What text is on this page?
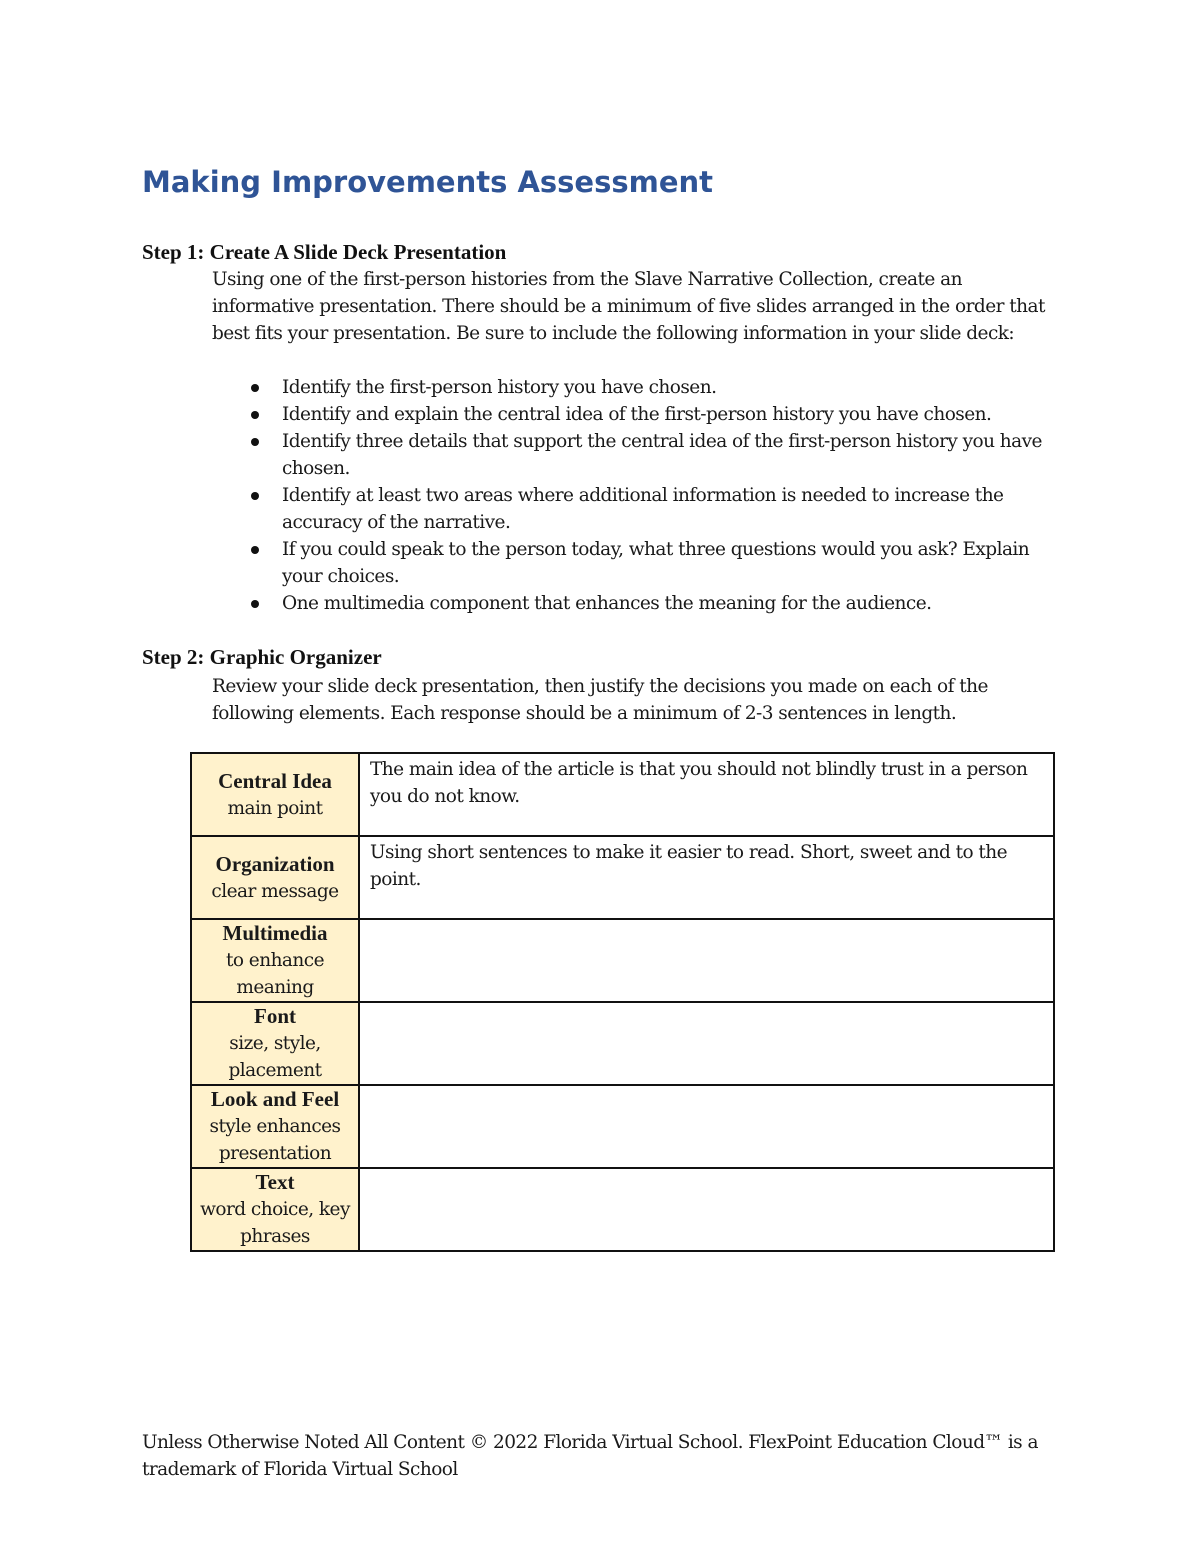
Making Improvements Assessment
Step 1: Create A Slide Deck Presentation

Using one of the first-person histories from the Slave Narrative Collection, create an informative presentation. There should be a minimum of five slides arranged in the order that best fits your presentation. Be sure to include the following information in your slide deck:

Identify the first-person history you have chosen.
Identify and explain the central idea of the first-person history you have chosen.
Identify three details that support the central idea of the first-person history you have chosen.
Identify at least two areas where additional information is needed to increase the accuracy of the narrative.
If you could speak to the person today, what three questions would you ask? Explain your choices.
One multimedia component that enhances the meaning for the audience.
Step 2: Graphic Organizer

Review your slide deck presentation, then justify the decisions you made on each of the following elements. Each response should be a minimum of 2-3 sentences in length.

Central Idea
main point	The main idea of the article is that you should not blindly trust in a person you do not know.

Organization
clear message	Using short sentences to make it easier to read. Short, sweet and to the point.

Multimedia
to enhance meaning	

Font
size, style, placement	

Look and Feel
style enhances presentation	

Text
word choice, key phrases	

Unless Otherwise Noted All Content © 2022 Florida Virtual School. FlexPoint Education Cloud™ is a trademark of Florida Virtual School
